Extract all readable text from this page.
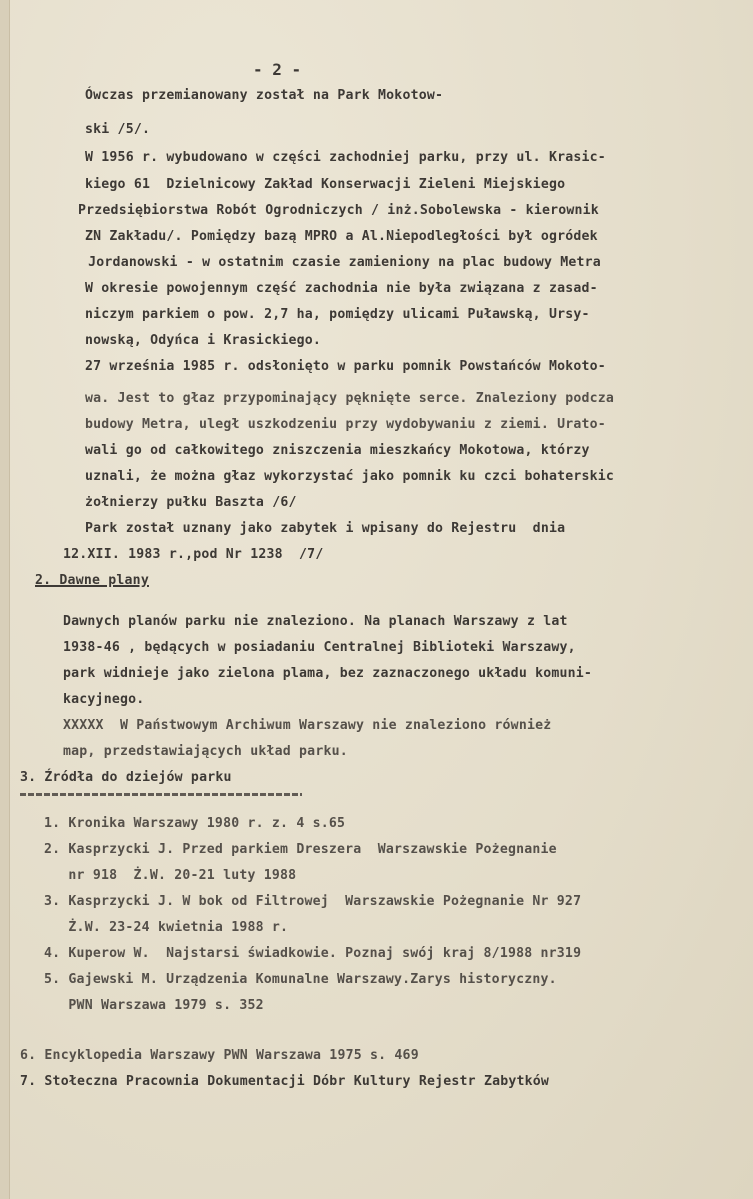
- 2 -
Ówczas przemianowany został na Park Mokotow-
ski /5/.
W 1956 r. wybudowano w części zachodniej parku, przy ul. Krasic-
kiego 61  Dzielnicowy Zakład Konserwacji Zieleni Miejskiego
Przedsiębiorstwa Robót Ogrodniczych / inż.Sobolewska - kierownik
ZN Zakładu/. Pomiędzy bazą MPRO a Al.Niepodległości był ogródek
Jordanowski - w ostatnim czasie zamieniony na plac budowy Metra
W okresie powojennym część zachodnia nie była związana z zasad-
niczym parkiem o pow. 2,7 ha, pomiędzy ulicami Puławską, Ursy-
nowską, Odyńca i Krasickiego.
27 września 1985 r. odsłonięto w parku pomnik Powstańców Mokoto-
wa. Jest to głaz przypominający pęknięte serce. Znaleziony podcza
budowy Metra, uległ uszkodzeniu przy wydobywaniu z ziemi. Urato-
wali go od całkowitego zniszczenia mieszkańcy Mokotowa, którzy
uznali, że można głaz wykorzystać jako pomnik ku czci bohaterskic
żołnierzy pułku Baszta /6/
Park został uznany jako zabytek i wpisany do Rejestru  dnia
12.XII. 1983 r.,pod Nr 1238  /7/
2. Dawne plany
Dawnych planów parku nie znaleziono. Na planach Warszawy z lat
1938-46 , będących w posiadaniu Centralnej Biblioteki Warszawy,
park widnieje jako zielona plama, bez zaznaczonego układu komuni-
kacyjnego.
XXXXX  W Państwowym Archiwum Warszawy nie znaleziono również
map, przedstawiających układ parku.
3. Źródła do dziejów parku
1. Kronika Warszawy 1980 r. z. 4 s.65
2. Kasprzycki J. Przed parkiem Dreszera  Warszawskie Pożegnanie
nr 918  Ż.W. 20-21 luty 1988
3. Kasprzycki J. W bok od Filtrowej  Warszawskie Pożegnanie Nr 927
Ż.W. 23-24 kwietnia 1988 r.
4. Kuperow W.  Najstarsi świadkowie. Poznaj swój kraj 8/1988 nr319
5. Gajewski M. Urządzenia Komunalne Warszawy.Zarys historyczny.
PWN Warszawa 1979 s. 352
6. Encyklopedia Warszawy PWN Warszawa 1975 s. 469
7. Stołeczna Pracownia Dokumentacji Dóbr Kultury Rejestr Zabytków
